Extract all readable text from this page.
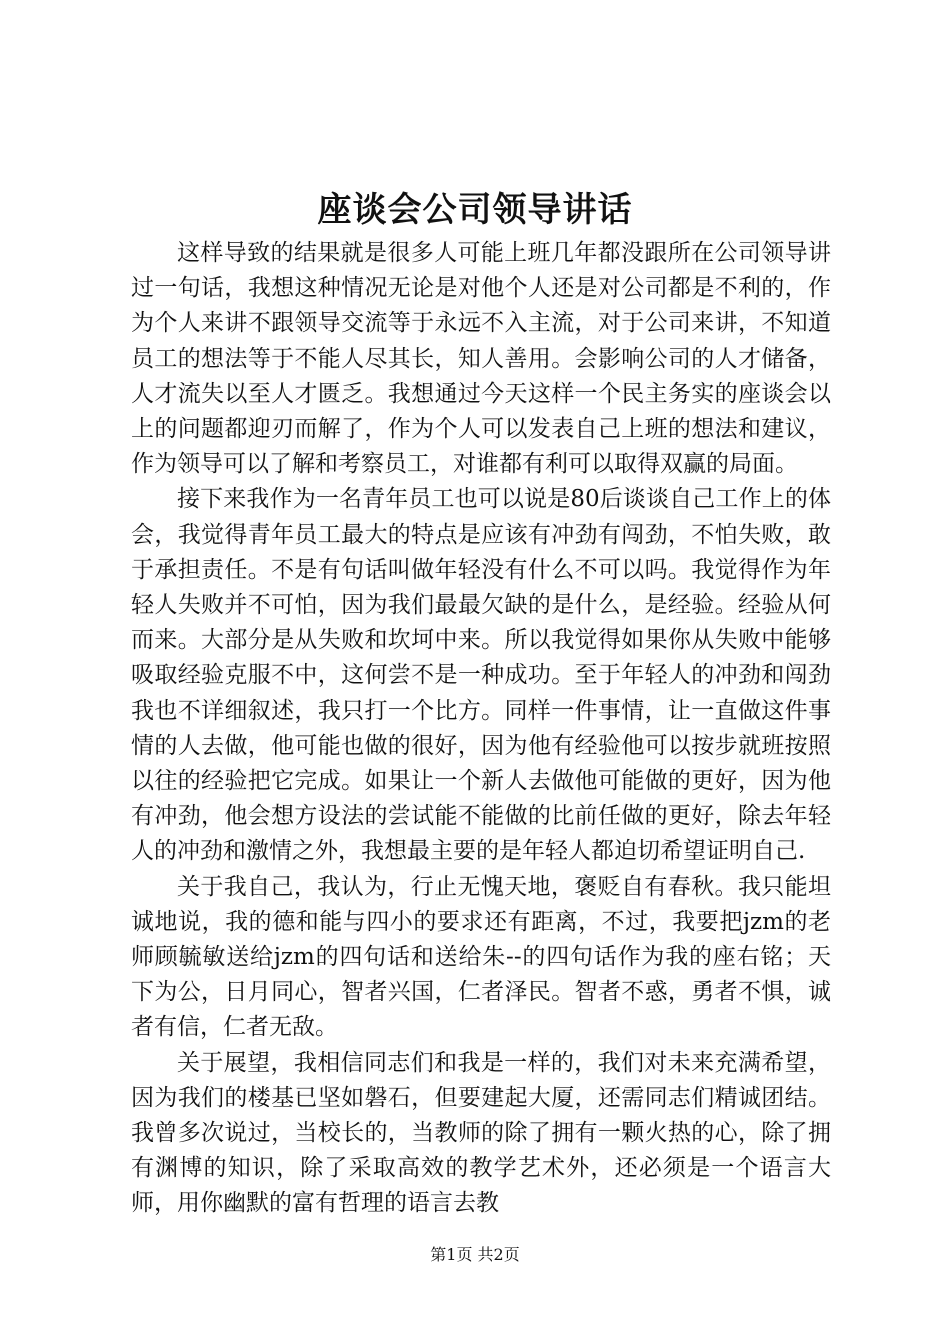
座谈会公司领导讲话

这样导致的结果就是很多人可能上班几年都没跟所在公司领导讲过一句话，我想这种情况无论是对他个人还是对公司都是不利的，作为个人来讲不跟领导交流等于永远不入主流，对于公司来讲，不知道员工的想法等于不能人尽其长，知人善用。会影响公司的人才储备，人才流失以至人才匮乏。我想通过今天这样一个民主务实的座谈会以上的问题都迎刃而解了，作为个人可以发表自己上班的想法和建议，作为领导可以了解和考察员工，对谁都有利可以取得双赢的局面。

接下来我作为一名青年员工也可以说是80后谈谈自己工作上的体会，我觉得青年员工最大的特点是应该有冲劲有闯劲，不怕失败，敢于承担责任。不是有句话叫做年轻没有什么不可以吗。我觉得作为年轻人失败并不可怕，因为我们最最欠缺的是什么，是经验。经验从何而来。大部分是从失败和坎坷中来。所以我觉得如果你从失败中能够吸取经验克服不中，这何尝不是一种成功。至于年轻人的冲劲和闯劲我也不详细叙述，我只打一个比方。同样一件事情，让一直做这件事情的人去做，他可能也做的很好，因为他有经验他可以按步就班按照以往的经验把它完成。如果让一个新人去做他可能做的更好，因为他有冲劲，他会想方设法的尝试能不能做的比前任做的更好，除去年轻人的冲劲和激情之外，我想最主要的是年轻人都迫切希望证明自己.

关于我自己，我认为，行止无愧天地，褒贬自有春秋。我只能坦诚地说，我的德和能与四小的要求还有距离，不过，我要把jzm的老师顾毓敏送给jzm的四句话和送给朱--的四句话作为我的座右铭；天下为公，日月同心，智者兴国，仁者泽民。智者不惑，勇者不惧，诚者有信，仁者无敌。

关于展望，我相信同志们和我是一样的，我们对未来充满希望，因为我们的楼基已坚如磐石，但要建起大厦，还需同志们精诚团结。我曾多次说过，当校长的，当教师的除了拥有一颗火热的心，除了拥有渊博的知识，除了采取高效的教学艺术外，还必须是一个语言大师，用你幽默的富有哲理的语言去教

第1页 共2页
